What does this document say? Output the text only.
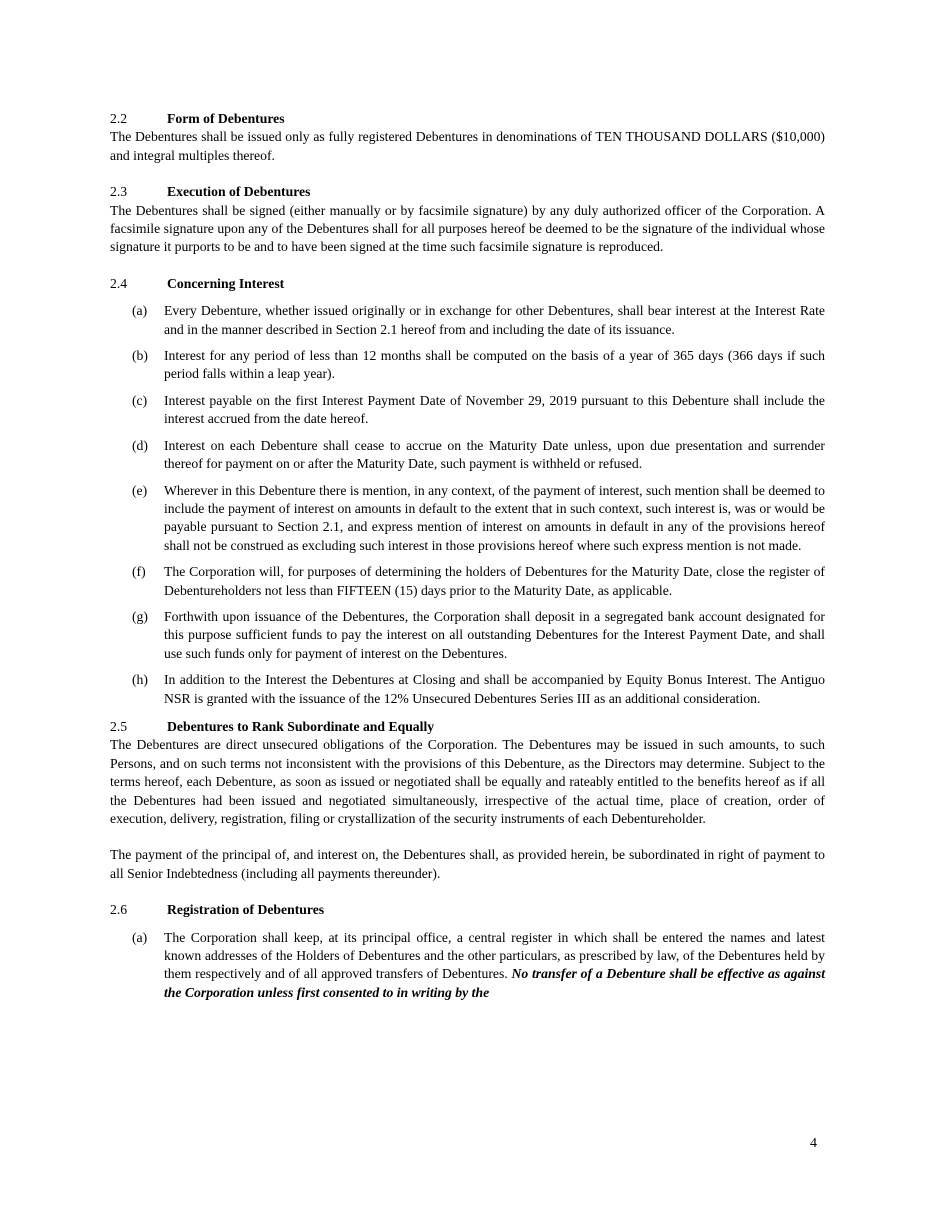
2.2	Form of Debentures
The Debentures shall be issued only as fully registered Debentures in denominations of TEN THOUSAND DOLLARS ($10,000) and integral multiples thereof.
2.3	Execution of Debentures
The Debentures shall be signed (either manually or by facsimile signature) by any duly authorized officer of the Corporation. A facsimile signature upon any of the Debentures shall for all purposes hereof be deemed to be the signature of the individual whose signature it purports to be and to have been signed at the time such facsimile signature is reproduced.
2.4	Concerning Interest
(a)	Every Debenture, whether issued originally or in exchange for other Debentures, shall bear interest at the Interest Rate and in the manner described in Section 2.1 hereof from and including the date of its issuance.
(b)	Interest for any period of less than 12 months shall be computed on the basis of a year of 365 days (366 days if such period falls within a leap year).
(c)	Interest payable on the first Interest Payment Date of November 29, 2019 pursuant to this Debenture shall include the interest accrued from the date hereof.
(d)	Interest on each Debenture shall cease to accrue on the Maturity Date unless, upon due presentation and surrender thereof for payment on or after the Maturity Date, such payment is withheld or refused.
(e)	Wherever in this Debenture there is mention, in any context, of the payment of interest, such mention shall be deemed to include the payment of interest on amounts in default to the extent that in such context, such interest is, was or would be payable pursuant to Section 2.1, and express mention of interest on amounts in default in any of the provisions hereof shall not be construed as excluding such interest in those provisions hereof where such express mention is not made.
(f)	The Corporation will, for purposes of determining the holders of Debentures for the Maturity Date, close the register of Debentureholders not less than FIFTEEN (15) days prior to the Maturity Date, as applicable.
(g)	Forthwith upon issuance of the Debentures, the Corporation shall deposit in a segregated bank account designated for this purpose sufficient funds to pay the interest on all outstanding Debentures for the Interest Payment Date, and shall use such funds only for payment of interest on the Debentures.
(h)	In addition to the Interest the Debentures at Closing and shall be accompanied by Equity Bonus Interest. The Antiguo NSR is granted with the issuance of the 12% Unsecured Debentures Series III as an additional consideration.
2.5	Debentures to Rank Subordinate and Equally
The Debentures are direct unsecured obligations of the Corporation. The Debentures may be issued in such amounts, to such Persons, and on such terms not inconsistent with the provisions of this Debenture, as the Directors may determine. Subject to the terms hereof, each Debenture, as soon as issued or negotiated shall be equally and rateably entitled to the benefits hereof as if all the Debentures had been issued and negotiated simultaneously, irrespective of the actual time, place of creation, order of execution, delivery, registration, filing or crystallization of the security instruments of each Debentureholder.
The payment of the principal of, and interest on, the Debentures shall, as provided herein, be subordinated in right of payment to all Senior Indebtedness (including all payments thereunder).
2.6	Registration of Debentures
(a)	The Corporation shall keep, at its principal office, a central register in which shall be entered the names and latest known addresses of the Holders of Debentures and the other particulars, as prescribed by law, of the Debentures held by them respectively and of all approved transfers of Debentures. No transfer of a Debenture shall be effective as against the Corporation unless first consented to in writing by the
4
